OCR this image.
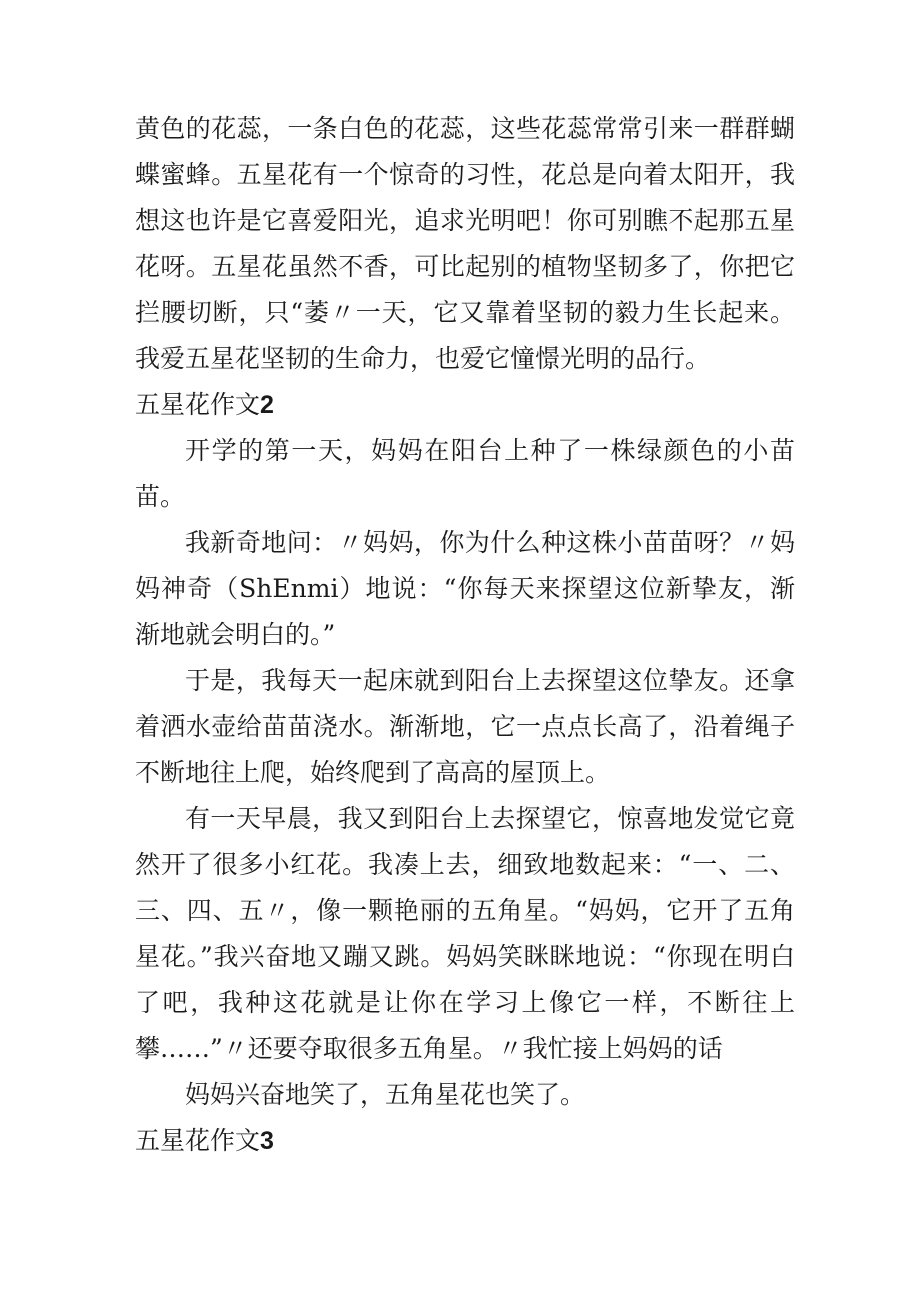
黄色的花蕊，一条白色的花蕊，这些花蕊常常引来一群群蝴蝶蜜蜂。五星花有一个惊奇的习性，花总是向着太阳开，我想这也许是它喜爱阳光，追求光明吧！你可别瞧不起那五星花呀。五星花虽然不香，可比起别的植物坚韧多了，你把它拦腰切断，只“萎〃一天，它又靠着坚韧的毅力生长起来。我爱五星花坚韧的生命力，也爱它憧憬光明的品行。

五星花作文2

开学的第一天，妈妈在阳台上种了一株绿颜色的小苗苗。

我新奇地问：〃妈妈，你为什么种这株小苗苗呀？〃妈妈神奇（ShEnmi）地说：“你每天来探望这位新挚友，渐渐地就会明白的。”

于是，我每天一起床就到阳台上去探望这位挚友。还拿着洒水壶给苗苗浇水。渐渐地，它一点点长高了，沿着绳子不断地往上爬，始终爬到了高高的屋顶上。

有一天早晨，我又到阳台上去探望它，惊喜地发觉它竟然开了很多小红花。我凑上去，细致地数起来：“一、二、三、四、五〃，像一颗艳丽的五角星。“妈妈，它开了五角星花。”我兴奋地又蹦又跳。妈妈笑眯眯地说：“你现在明白了吧，我种这花就是让你在学习上像它一样，不断往上攀……”〃还要夺取很多五角星。〃我忙接上妈妈的话

妈妈兴奋地笑了，五角星花也笑了。

五星花作文3
